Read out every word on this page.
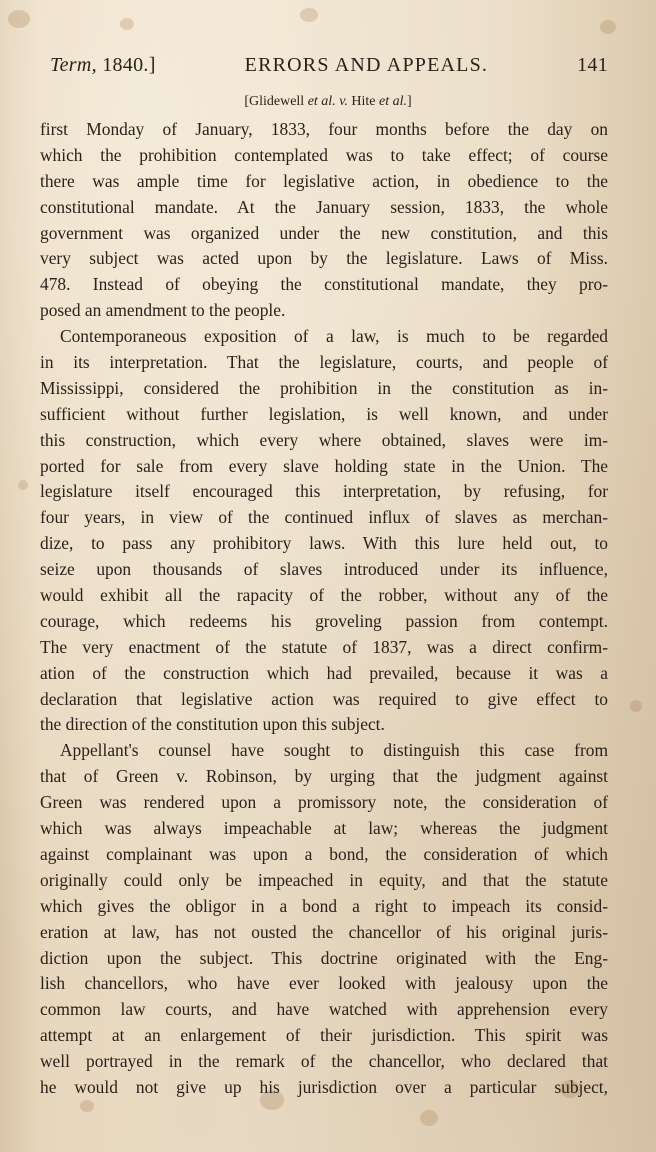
Term, 1840.]	ERRORS AND APPEALS.	141
[Glidewell et al. v. Hite et al.]
first Monday of January, 1833, four months before the day on
which the prohibition contemplated was to take effect; of course
there was ample time for legislative action, in obedience to the
constitutional mandate. At the January session, 1833, the whole
government was organized under the new constitution, and this
very subject was acted upon by the legislature. Laws of Miss.
478. Instead of obeying the constitutional mandate, they pro-
posed an amendment to the people.
Contemporaneous exposition of a law, is much to be regarded
in its interpretation. That the legislature, courts, and people of
Mississippi, considered the prohibition in the constitution as in-
sufficient without further legislation, is well known, and under
this construction, which every where obtained, slaves were im-
ported for sale from every slave holding state in the Union. The
legislature itself encouraged this interpretation, by refusing, for
four years, in view of the continued influx of slaves as merchan-
dize, to pass any prohibitory laws. With this lure held out, to
seize upon thousands of slaves introduced under its influence,
would exhibit all the rapacity of the robber, without any of the
courage, which redeems his groveling passion from contempt.
The very enactment of the statute of 1837, was a direct confirm-
ation of the construction which had prevailed, because it was a
declaration that legislative action was required to give effect to
the direction of the constitution upon this subject.
Appellant's counsel have sought to distinguish this case from
that of Green v. Robinson, by urging that the judgment against
Green was rendered upon a promissory note, the consideration of
which was always impeachable at law; whereas the judgment
against complainant was upon a bond, the consideration of which
originally could only be impeached in equity, and that the statute
which gives the obligor in a bond a right to impeach its consid-
eration at law, has not ousted the chancellor of his original juris-
diction upon the subject. This doctrine originated with the Eng-
lish chancellors, who have ever looked with jealousy upon the
common law courts, and have watched with apprehension every
attempt at an enlargement of their jurisdiction. This spirit was
well portrayed in the remark of the chancellor, who declared that
he would not give up his jurisdiction over a particular subject,
